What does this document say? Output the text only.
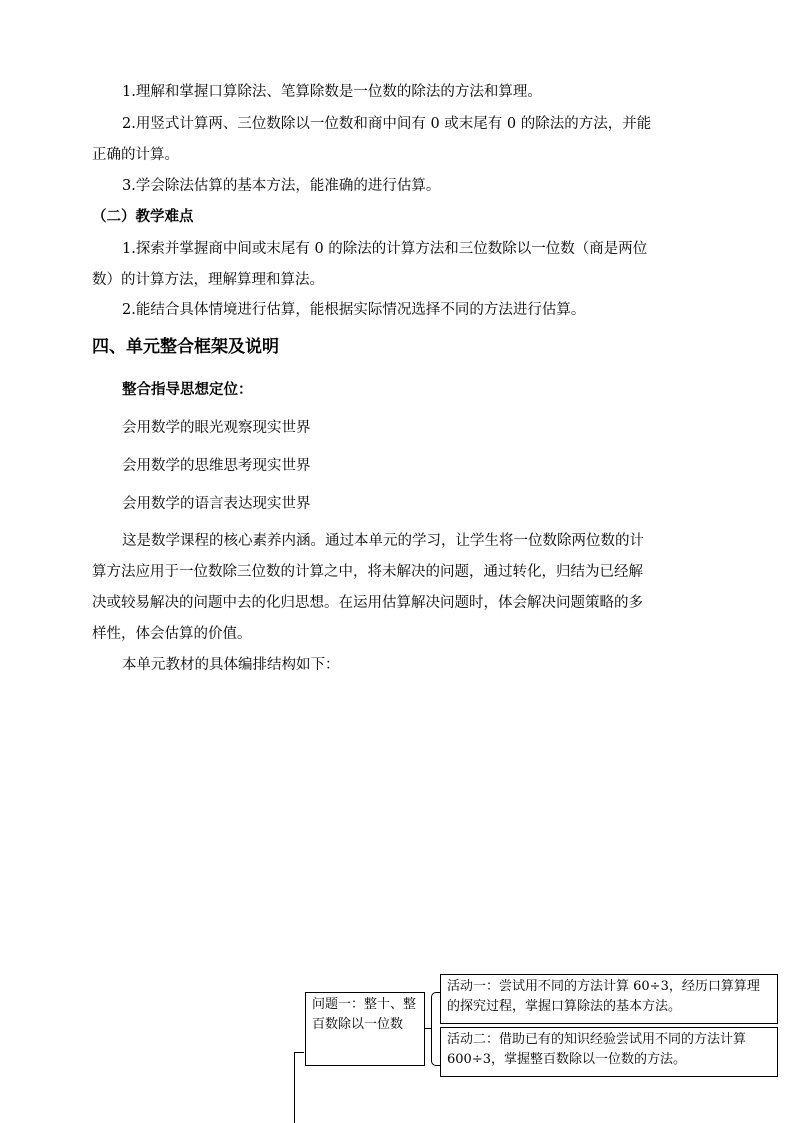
1.理解和掌握口算除法、笔算除数是一位数的除法的方法和算理。
2.用竖式计算两、三位数除以一位数和商中间有 0 或末尾有 0 的除法的方法，并能
正确的计算。
3.学会除法估算的基本方法，能准确的进行估算。
（二）教学难点
1.探索并掌握商中间或末尾有 0 的除法的计算方法和三位数除以一位数（商是两位
数）的计算方法，理解算理和算法。
2.能结合具体情境进行估算，能根据实际情况选择不同的方法进行估算。
四、单元整合框架及说明
整合指导思想定位：
会用数学的眼光观察现实世界
会用数学的思维思考现实世界
会用数学的语言表达现实世界
这是数学课程的核心素养内涵。通过本单元的学习，让学生将一位数除两位数的计
算方法应用于一位数除三位数的计算之中，将未解决的问题，通过转化，归结为已经解
决或较易解决的问题中去的化归思想。在运用估算解决问题时，体会解决问题策略的多
样性，体会估算的价值。
本单元教材的具体编排结构如下：
问题一：整十、整百数除以一位数
活动一：尝试用不同的方法计算 60÷3，经历口算算理的探究过程，掌握口算除法的基本方法。
活动二：借助已有的知识经验尝试用不同的方法计算 600÷3，掌握整百数除以一位数的方法。
